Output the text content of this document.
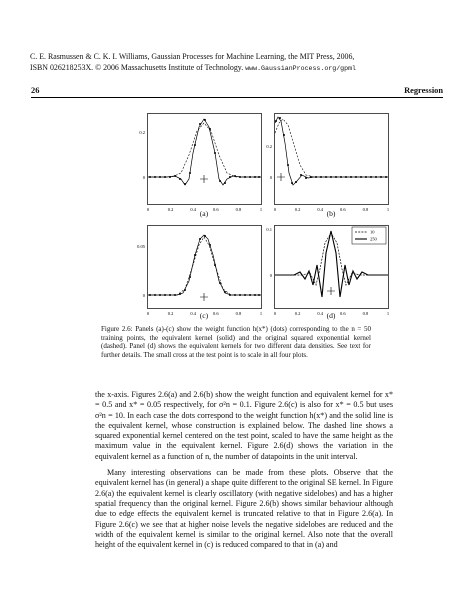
C. E. Rasmussen & C. K. I. Williams, Gaussian Processes for Machine Learning, the MIT Press, 2006,
ISBN 026218253X. © 2006 Massachusetts Institute of Technology. www.GaussianProcess.org/gpml
26	Regression
0.2
0
0	0.2	0.4	0.6	0.8	1
(a)
0.2
0
0	0.2	0.4	0.6	0.8	1
(b)
0.05
0
0	0.2	0.4	0.6	0.8	1
(c)
0.1
0
0	0.2	0.4	0.6	0.8	1
10
250
(d)
Figure 2.6: Panels (a)-(c) show the weight function h(x*) (dots) corresponding to the n = 50 training points, the equivalent kernel (solid) and the original squared exponential kernel (dashed). Panel (d) shows the equivalent kernels for two different data densities. See text for further details. The small cross at the test point is to scale in all four plots.

the x-axis. Figures 2.6(a) and 2.6(b) show the weight function and equivalent kernel for x* = 0.5 and x* = 0.05 respectively, for σ²n = 0.1. Figure 2.6(c) is also for x* = 0.5 but uses σ²n = 10. In each case the dots correspond to the weight function h(x*) and the solid line is the equivalent kernel, whose construction is explained below. The dashed line shows a squared exponential kernel centered on the test point, scaled to have the same height as the maximum value in the equivalent kernel. Figure 2.6(d) shows the variation in the equivalent kernel as a function of n, the number of datapoints in the unit interval.

Many interesting observations can be made from these plots. Observe that the equivalent kernel has (in general) a shape quite different to the original SE kernel. In Figure 2.6(a) the equivalent kernel is clearly oscillatory (with negative sidelobes) and has a higher spatial frequency than the original kernel. Figure 2.6(b) shows similar behaviour although due to edge effects the equivalent kernel is truncated relative to that in Figure 2.6(a). In Figure 2.6(c) we see that at higher noise levels the negative sidelobes are reduced and the width of the equivalent kernel is similar to the original kernel. Also note that the overall height of the equivalent kernel in (c) is reduced compared to that in (a) and
